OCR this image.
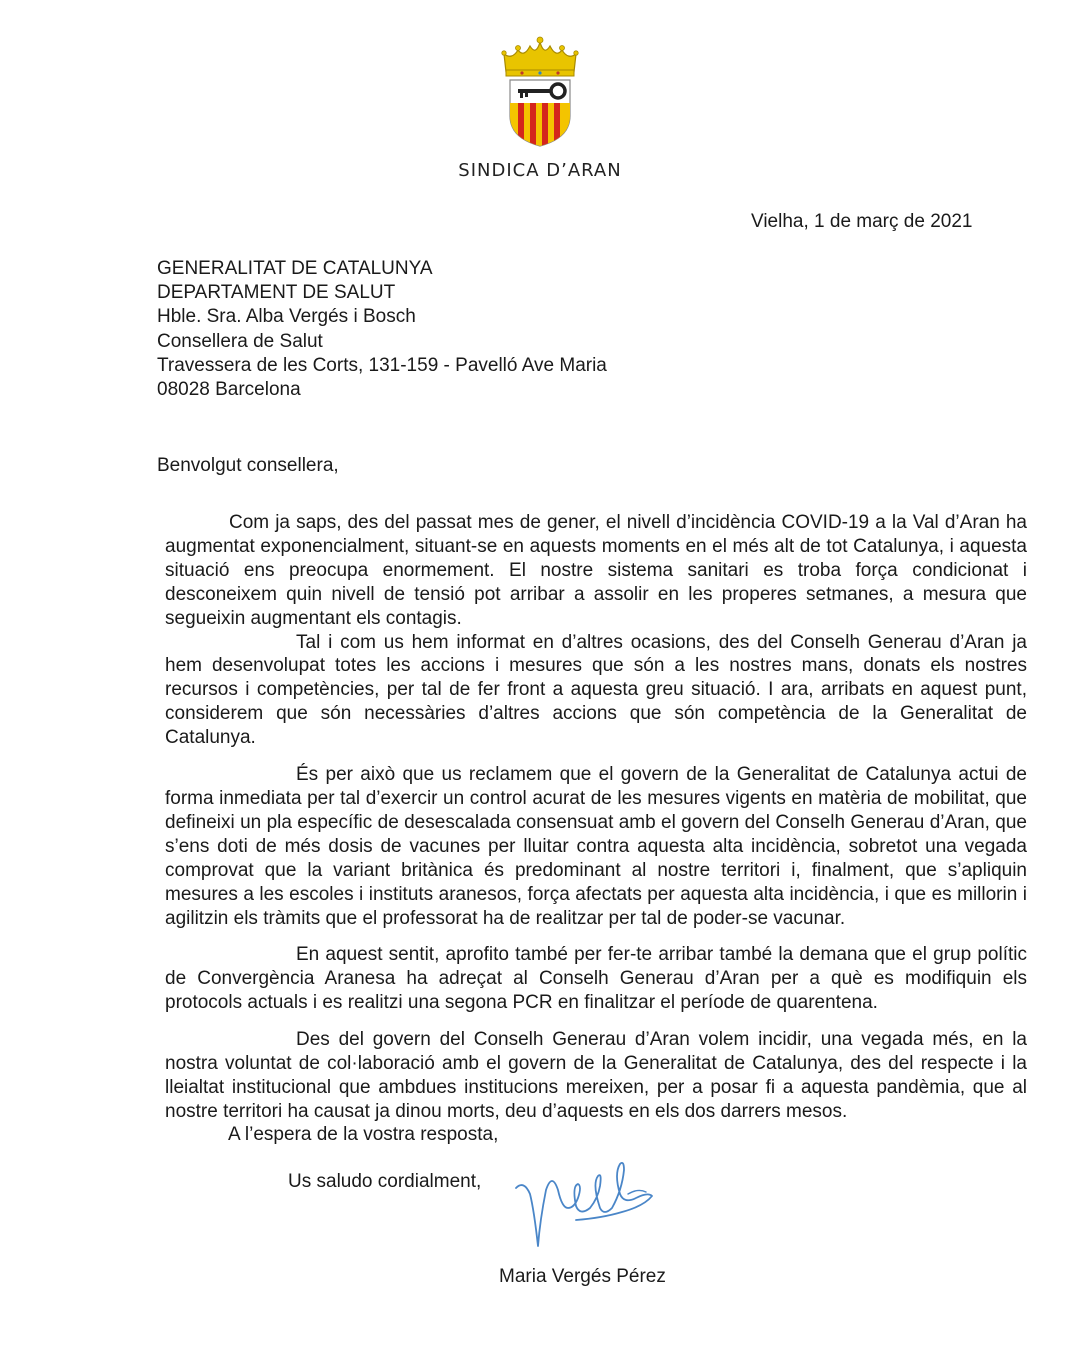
SINDICA D’ARAN
Vielha, 1 de març de 2021
GENERALITAT DE CATALUNYA
DEPARTAMENT DE SALUT
Hble. Sra. Alba Vergés i Bosch
Consellera de Salut
Travessera de les Corts, 131-159 - Pavelló Ave Maria
08028 Barcelona
Benvolgut consellera,

Com ja saps, des del passat mes de gener, el nivell d’incidència COVID-19 a la Val d’Aran ha augmentat exponencialment, situant-se en aquests moments en el més alt de tot Catalunya, i aquesta situació ens preocupa enormement. El nostre sistema sanitari es troba força condicionat i desconeixem quin nivell de tensió pot arribar a assolir en les properes setmanes, a mesura que segueixin augmentant els contagis.

Tal i com us hem informat en d’altres ocasions, des del Conselh Generau d’Aran ja hem desenvolupat totes les accions i mesures que són a les nostres mans, donats els nostres recursos i competències, per tal de fer front a aquesta greu situació. I ara, arribats en aquest punt, considerem que són necessàries d’altres accions que són competència de la Generalitat de Catalunya.

És per això que us reclamem que el govern de la Generalitat de Catalunya actui de forma inmediata per tal d’exercir un control acurat de les mesures vigents en matèria de mobilitat, que defineixi un pla específic de desescalada consensuat amb el govern del Conselh Generau d’Aran, que s’ens doti de més dosis de vacunes per lluitar contra aquesta alta incidència, sobretot una vegada comprovat que la variant britànica és predominant al nostre territori i, finalment, que s’apliquin mesures a les escoles i instituts aranesos, força afectats per aquesta alta incidència, i que es millorin i agilitzin els tràmits que el professorat ha de realitzar per tal de poder-se vacunar.

En aquest sentit, aprofito també per fer-te arribar també la demana que el grup polític de Convergència Aranesa ha adreçat al Conselh Generau d’Aran per a què es modifiquin els protocols actuals i es realitzi una segona PCR en finalitzar el període de quarentena.

Des del govern del Conselh Generau d’Aran volem incidir, una vegada més, en la nostra voluntat de col·laboració amb el govern de la Generalitat de Catalunya, des del respecte i la lleialtat institucional que ambdues institucions mereixen, per a posar fi a aquesta pandèmia, que al nostre territori ha causat ja dinou morts, deu d’aquests en els dos darrers mesos.

A l’espera de la vostra resposta,
Us saludo cordialment,
Maria Vergés Pérez
